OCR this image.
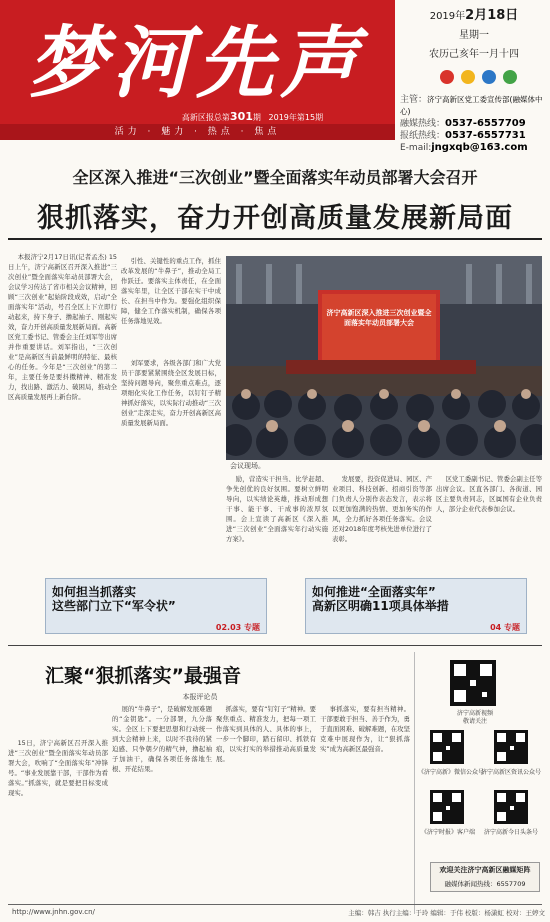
梦河先声
高新区报总第301期 2019年第15期
活力 · 魅力 · 热点 · 焦点
2019年2月18日
星期一
农历己亥年一月十四

主管：济宁高新区党工委宣传部(融媒体中心)
融媒热线：0537-6557709
报纸热线：0537-6557731
E-mail:jngxqb@163.com
全区深入推进“三次创业”暨全面落实年动员部署大会召开
狠抓落实，奋力开创高质量发展新局面

本报济宁2月17日讯(记者孟杰) 15日上午，济宁高新区召开深入推进“三次创业”暨全面落实年动员部署大会，会议学习传达了省市相关会议精神，回顾“三次创业”起始阶段成效，启动“全面落实年”活动，号召全区上下立即行动起来，持下身子、撸起袖子、刚起实效，奋力开创高质量发展新局面。高新区党工委书记、管委会主任刘军等出席并作重要讲话。刘军指出，“三次创业”是高新区当前最鲜明的特征、最核心的任务。今年是“三次创业”的第二年，主要任务是要抖擞精神、精准发力，找出路、激活力、破困局，推动全区高质量发展再上新台阶。

引性、关键性的重点工作，抓住改革发展的“牛鼻子”，推动全局工作跃迁。要落实主体责任，在全面落实年里，让全区干部在实干中成长、在担当中作为。要强化组织保障，健全工作落实机制，确保各项任务落地见效。

刘军要求，各级各部门和广大党员干部要紧紧围绕全区发展目标，坚持问题导向，聚焦重点难点，逐项细化实化工作任务，以钉钉子精神抓好落实，以实际行动推动“三次创业”走深走实，奋力开创高新区高质量发展新局面。

济宁高新区深入推进三次创业暨全面落实年动员部署大会
会议现场。

励，营造实干担当、比学赶超、争先创优的良好氛围。要树立鲜明导向，以实绩论英雄，推动形成想干事、能干事、干成事的浓厚氛围。会上宣读了高新区《深入推进“三次创业”全面落实年行动实施方案》。

发展要，投资促进局、园区、产业项目、科技创新、招商引资等部门负责人分别作表态发言，表示将以更加饱满的热情、更加务实的作风，全力抓好各项任务落实。会议还对2018年度考核先进单位进行了表彰。

区党工委副书记、管委会副主任等出席会议。区直各部门、各街道、园区主要负责同志，区属国有企业负责人，部分企业代表参加会议。

如何担当抓落实
这些部门立下“军令状”
02.03 专题
如何推进“全面落实年”
高新区明确11项具体举措
04 专题
汇聚“狠抓落实”最强音
本报评论员

15日，济宁高新区召开深入推进“三次创业”暨全面落实年动员部署大会，吹响了“全面落实年”冲锋号。“事业发展靠干部，干部作为看落实。”抓落实，就是要把目标变成现实。

展的“牛鼻子”，是破解发展难题的“金钥匙”。一分部署，九分落实。全区上下要把思想和行动统一到大会精神上来，以时不我待的紧迫感、只争朝夕的精气神，撸起袖子加油干，确保各项任务落地生根、开花结果。

抓落实，要有“钉钉子”精神。要聚焦重点、精准发力，把每一项工作落实到具体的人、具体的事上，一步一个脚印，踏石留印、抓铁有痕，以实打实的举措推动高质量发展。

事抓落实，要有担当精神。干部要敢于担当、善于作为，勇于直面困难、破解难题，在攻坚克难中展现作为，让“狠抓落实”成为高新区最强音。

济宁高新视频
敬请关注
《济宁高新》微信公众号
济宁高新区资讯公众号
《济宁时报》客户端	济宁高新今日头条号
欢迎关注济宁高新区融媒矩阵
融媒体新闻热线：6557709
http://www.jnhn.gov.cn/	主编：韩吉 执行主编：于玲 编辑：于伟 校版：杨潇虹 校对：王婷文
